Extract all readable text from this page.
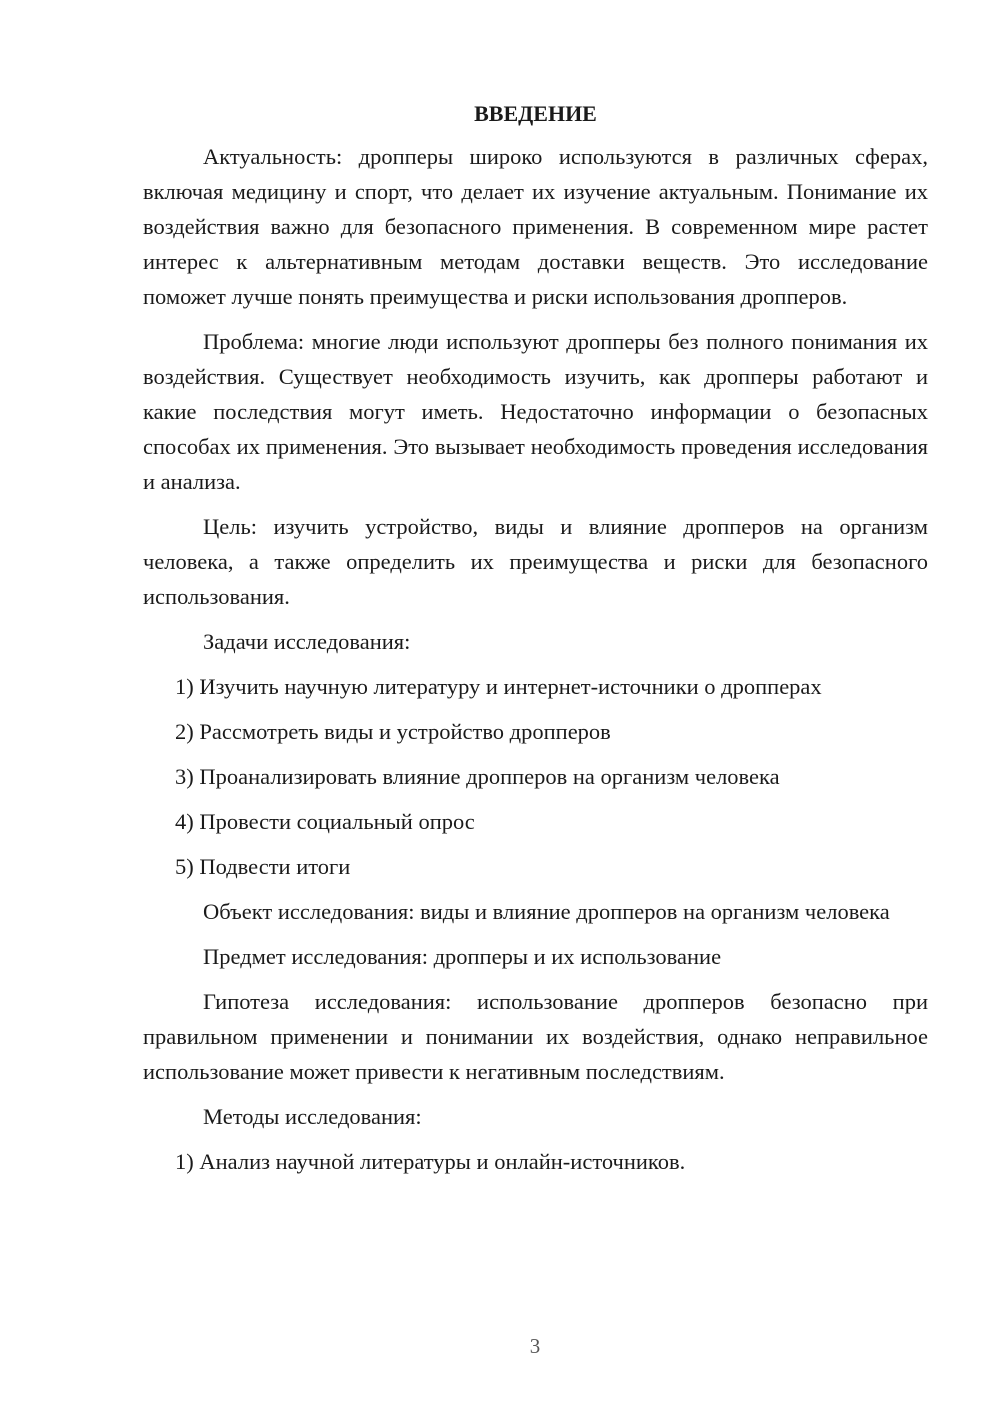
ВВЕДЕНИЕ

Актуальность: дропперы широко используются в различных сферах, включая медицину и спорт, что делает их изучение актуальным. Понимание их воздействия важно для безопасного применения. В современном мире растет интерес к альтернативным методам доставки веществ. Это исследование поможет лучше понять преимущества и риски использования дропперов.

Проблема: многие люди используют дропперы без полного понимания их воздействия. Существует необходимость изучить, как дропперы работают и какие последствия могут иметь. Недостаточно информации о безопасных способах их применения. Это вызывает необходимость проведения исследования и анализа.

Цель: изучить устройство, виды и влияние дропперов на организм человека, а также определить их преимущества и риски для безопасного использования.

Задачи исследования:

1) Изучить научную литературу и интернет-источники о дропперах

2) Рассмотреть виды и устройство дропперов

3) Проанализировать влияние дропперов на организм человека

4) Провести социальный опрос

5) Подвести итоги

Объект исследования: виды и влияние дропперов на организм человека

Предмет исследования: дропперы и их использование

Гипотеза исследования: использование дропперов безопасно при правильном применении и понимании их воздействия, однако неправильное использование может привести к негативным последствиям.

Методы исследования:

1) Анализ научной литературы и онлайн-источников.

3
